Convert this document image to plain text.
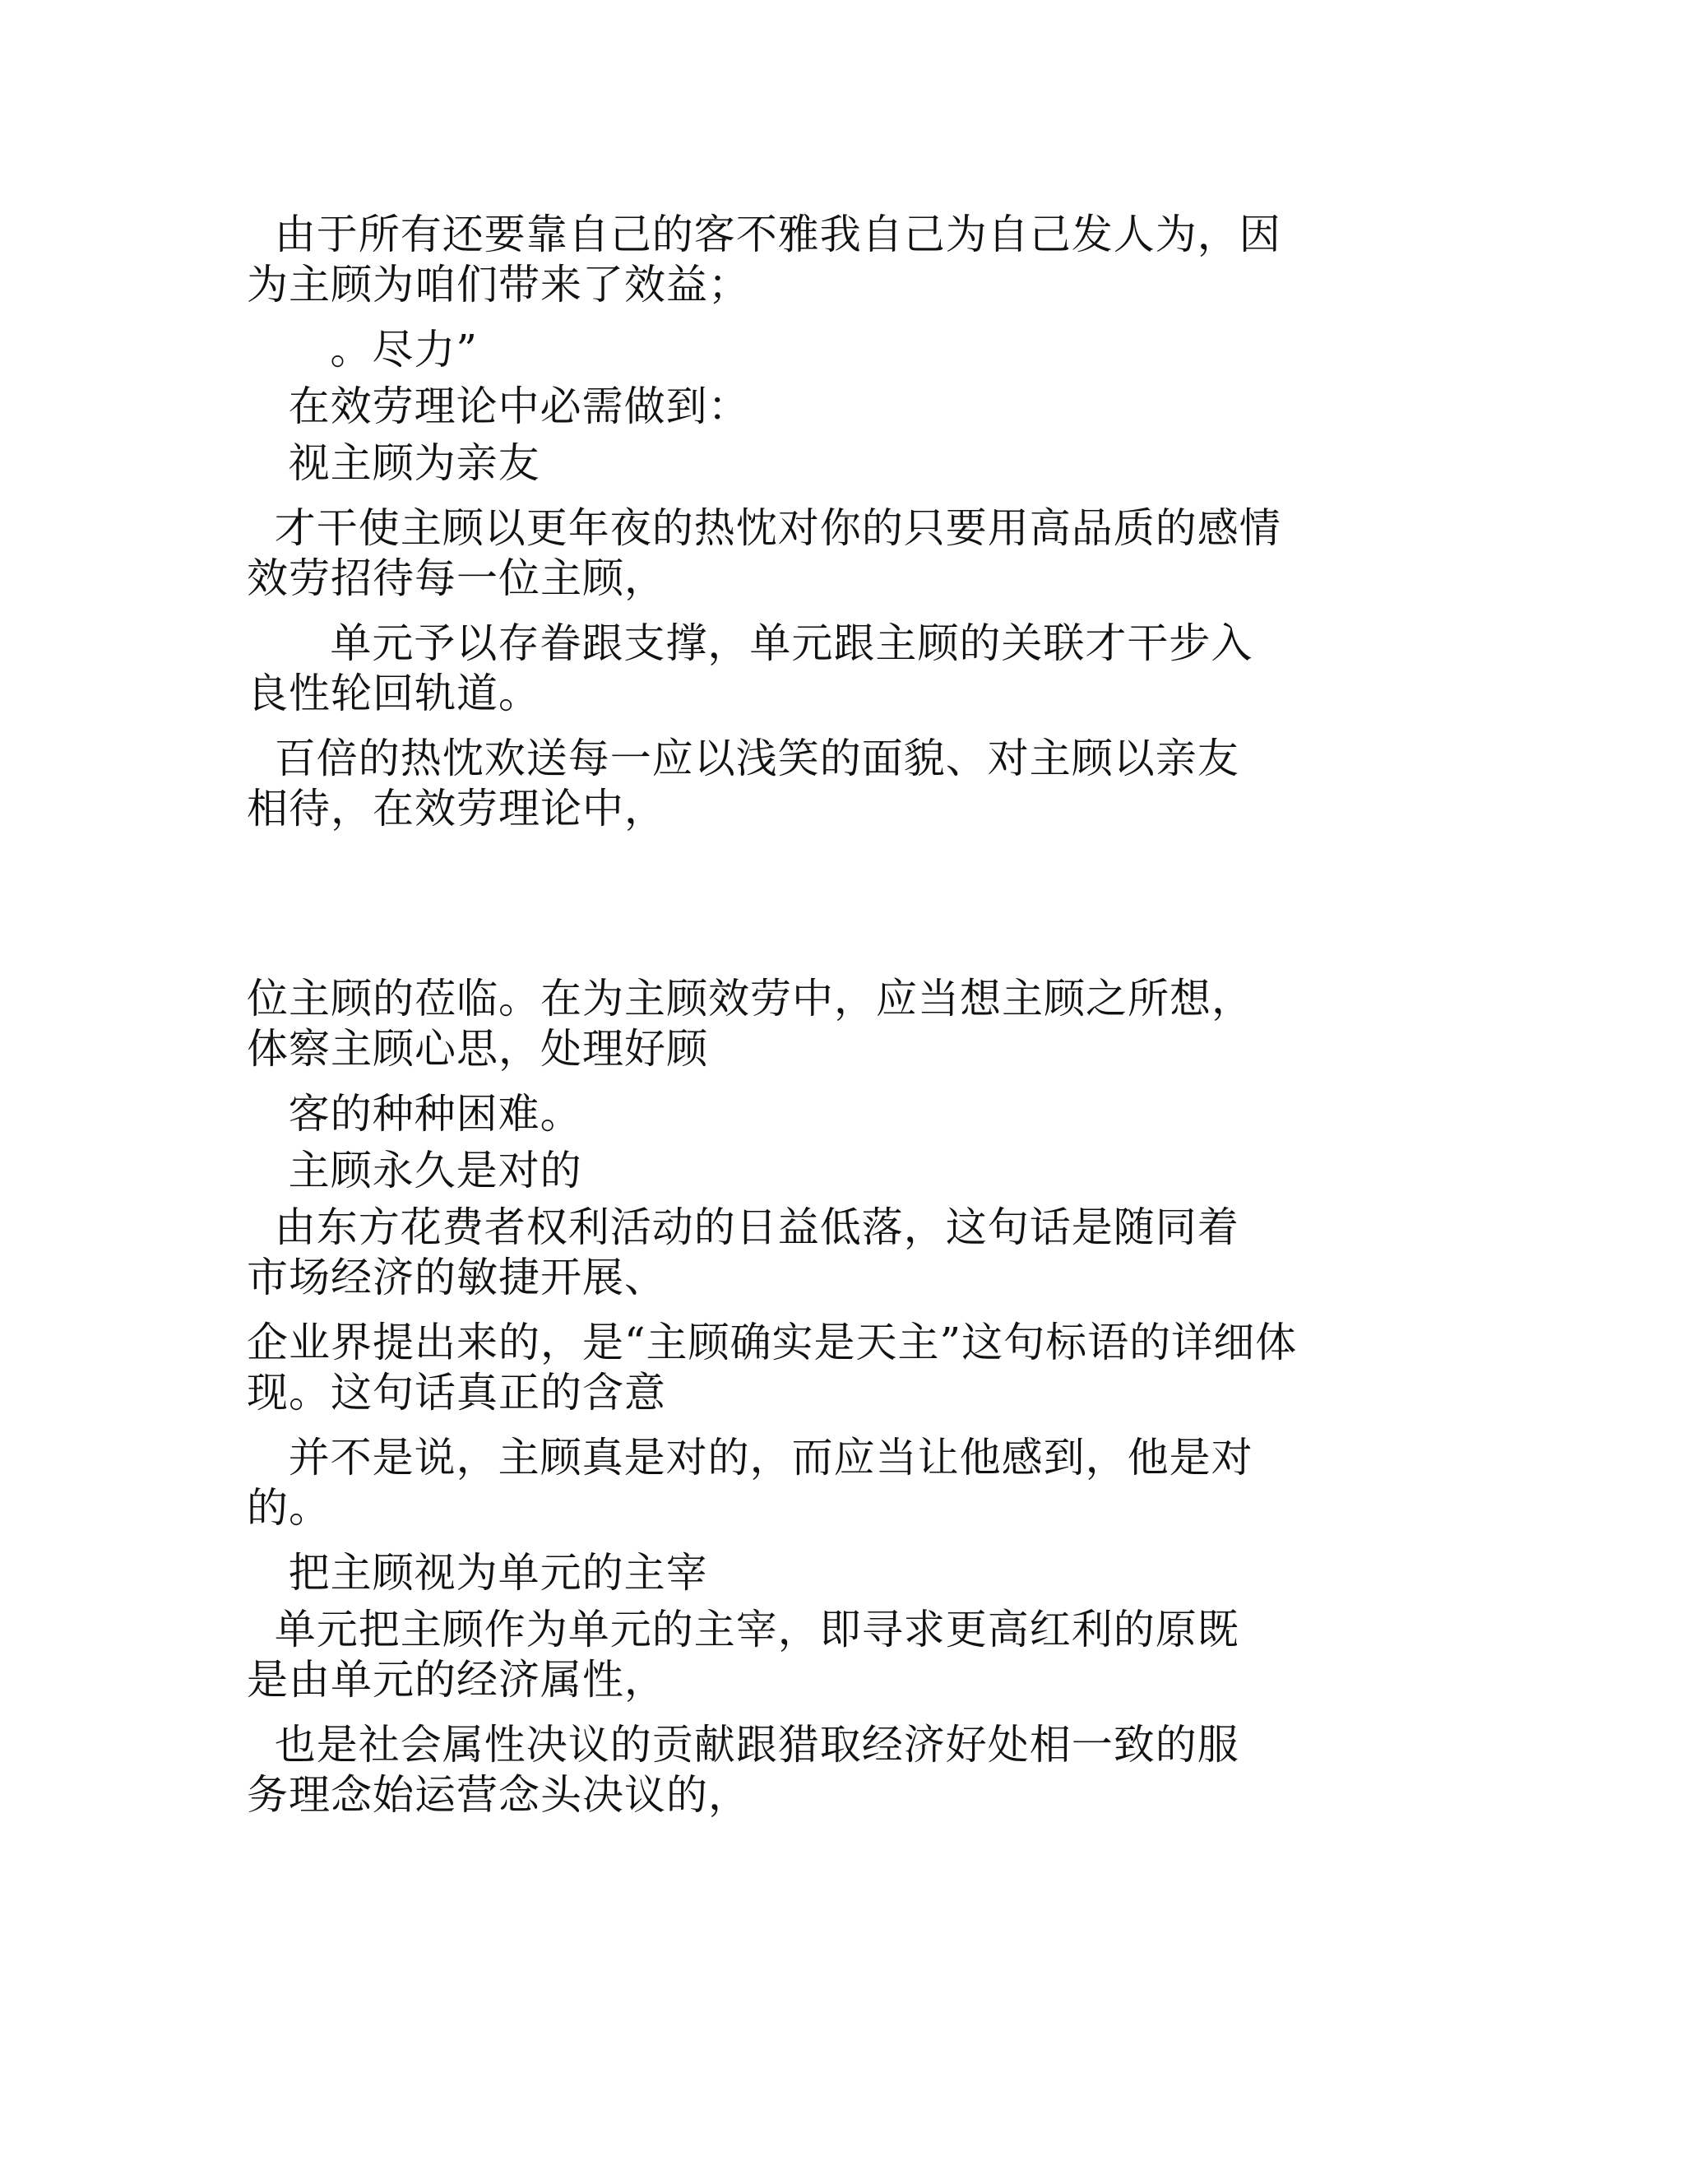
由于所有还要靠自己的客不雅我自己为自己发人为，因
为主顾为咱们带来了效益；

。尽力”

在效劳理论中必需做到：

视主顾为亲友

才干使主顾以更年夜的热忱对你的只要用高品质的感情
效劳招待每一位主顾，

单元予以存眷跟支撑，单元跟主顾的关联才干步入
良性轮回轨道。

百倍的热忱欢送每一应以浅笑的面貌、对主顾以亲友
相待，在效劳理论中，

位主顾的莅临。在为主顾效劳中，应当想主顾之所想，
体察主顾心思，处理好顾

客的种种困难。

主顾永久是对的

由东方花费者权利活动的日益低落，这句话是随同着
市场经济的敏捷开展、

企业界提出来的，是“主顾确实是天主”这句标语的详细体
现。这句话真正的含意

并不是说，主顾真是对的，而应当让他感到，他是对
的。

把主顾视为单元的主宰

单元把主顾作为单元的主宰，即寻求更高红利的原既
是由单元的经济属性，

也是社会属性决议的贡献跟猎取经济好处相一致的服
务理念始运营念头决议的，
